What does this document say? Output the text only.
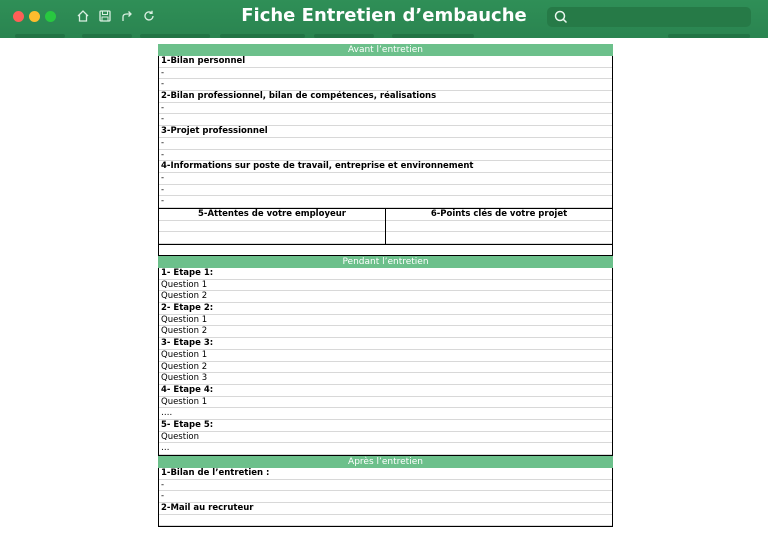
Fiche Entretien d’embauche
Avant l’entretien
1-Bilan personnel
-
-
2-Bilan professionnel, bilan de compétences, réalisations
-
-
3-Projet professionnel
-
-
4-Informations sur poste de travail, entreprise et environnement
-
-
-
5-Attentes de votre employeur	6-Points clés de votre projet
Pendant l’entretien
1- Etape 1:
Question 1
Question 2
2- Etape 2:
Question 1
Question 2
3- Etape 3:
Question 1
Question 2
Question 3
4- Etape 4:
Question 1
….
5- Etape 5:
Question
…
Après l’entretien
1-Bilan de l’entretien :
-
-
2-Mail au recruteur
